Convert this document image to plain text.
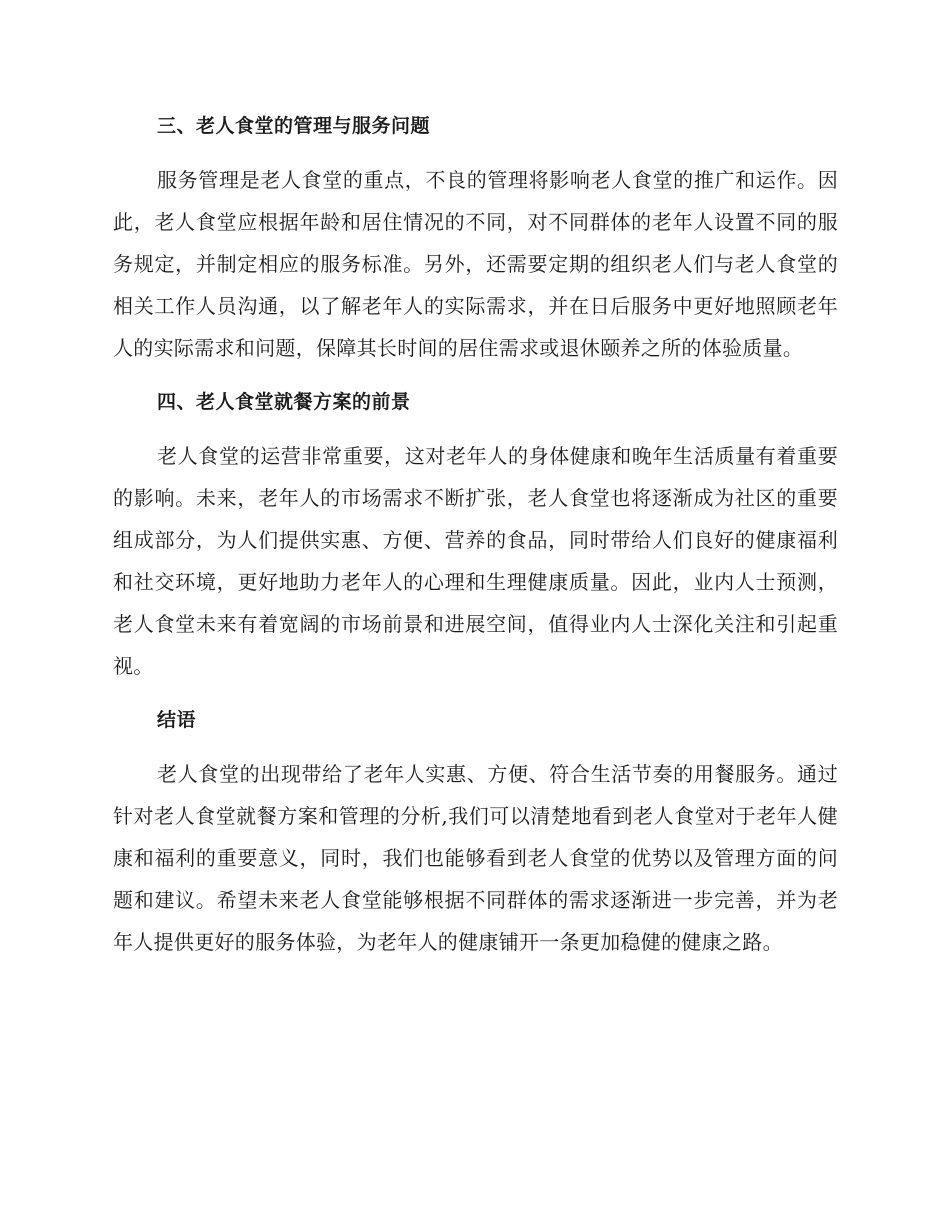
三、老人食堂的管理与服务问题

服务管理是老人食堂的重点，不良的管理将影响老人食堂的推广和运作。因此，老人食堂应根据年龄和居住情况的不同，对不同群体的老年人设置不同的服务规定，并制定相应的服务标准。另外，还需要定期的组织老人们与老人食堂的相关工作人员沟通，以了解老年人的实际需求，并在日后服务中更好地照顾老年人的实际需求和问题，保障其长时间的居住需求或退休颐养之所的体验质量。

四、老人食堂就餐方案的前景

老人食堂的运营非常重要，这对老年人的身体健康和晚年生活质量有着重要的影响。未来，老年人的市场需求不断扩张，老人食堂也将逐渐成为社区的重要组成部分，为人们提供实惠、方便、营养的食品，同时带给人们良好的健康福利和社交环境，更好地助力老年人的心理和生理健康质量。因此，业内人士预测，老人食堂未来有着宽阔的市场前景和进展空间，值得业内人士深化关注和引起重视。

结语

老人食堂的出现带给了老年人实惠、方便、符合生活节奏的用餐服务。通过针对老人食堂就餐方案和管理的分析,我们可以清楚地看到老人食堂对于老年人健康和福利的重要意义，同时，我们也能够看到老人食堂的优势以及管理方面的问题和建议。希望未来老人食堂能够根据不同群体的需求逐渐进一步完善，并为老年人提供更好的服务体验，为老年人的健康铺开一条更加稳健的健康之路。
